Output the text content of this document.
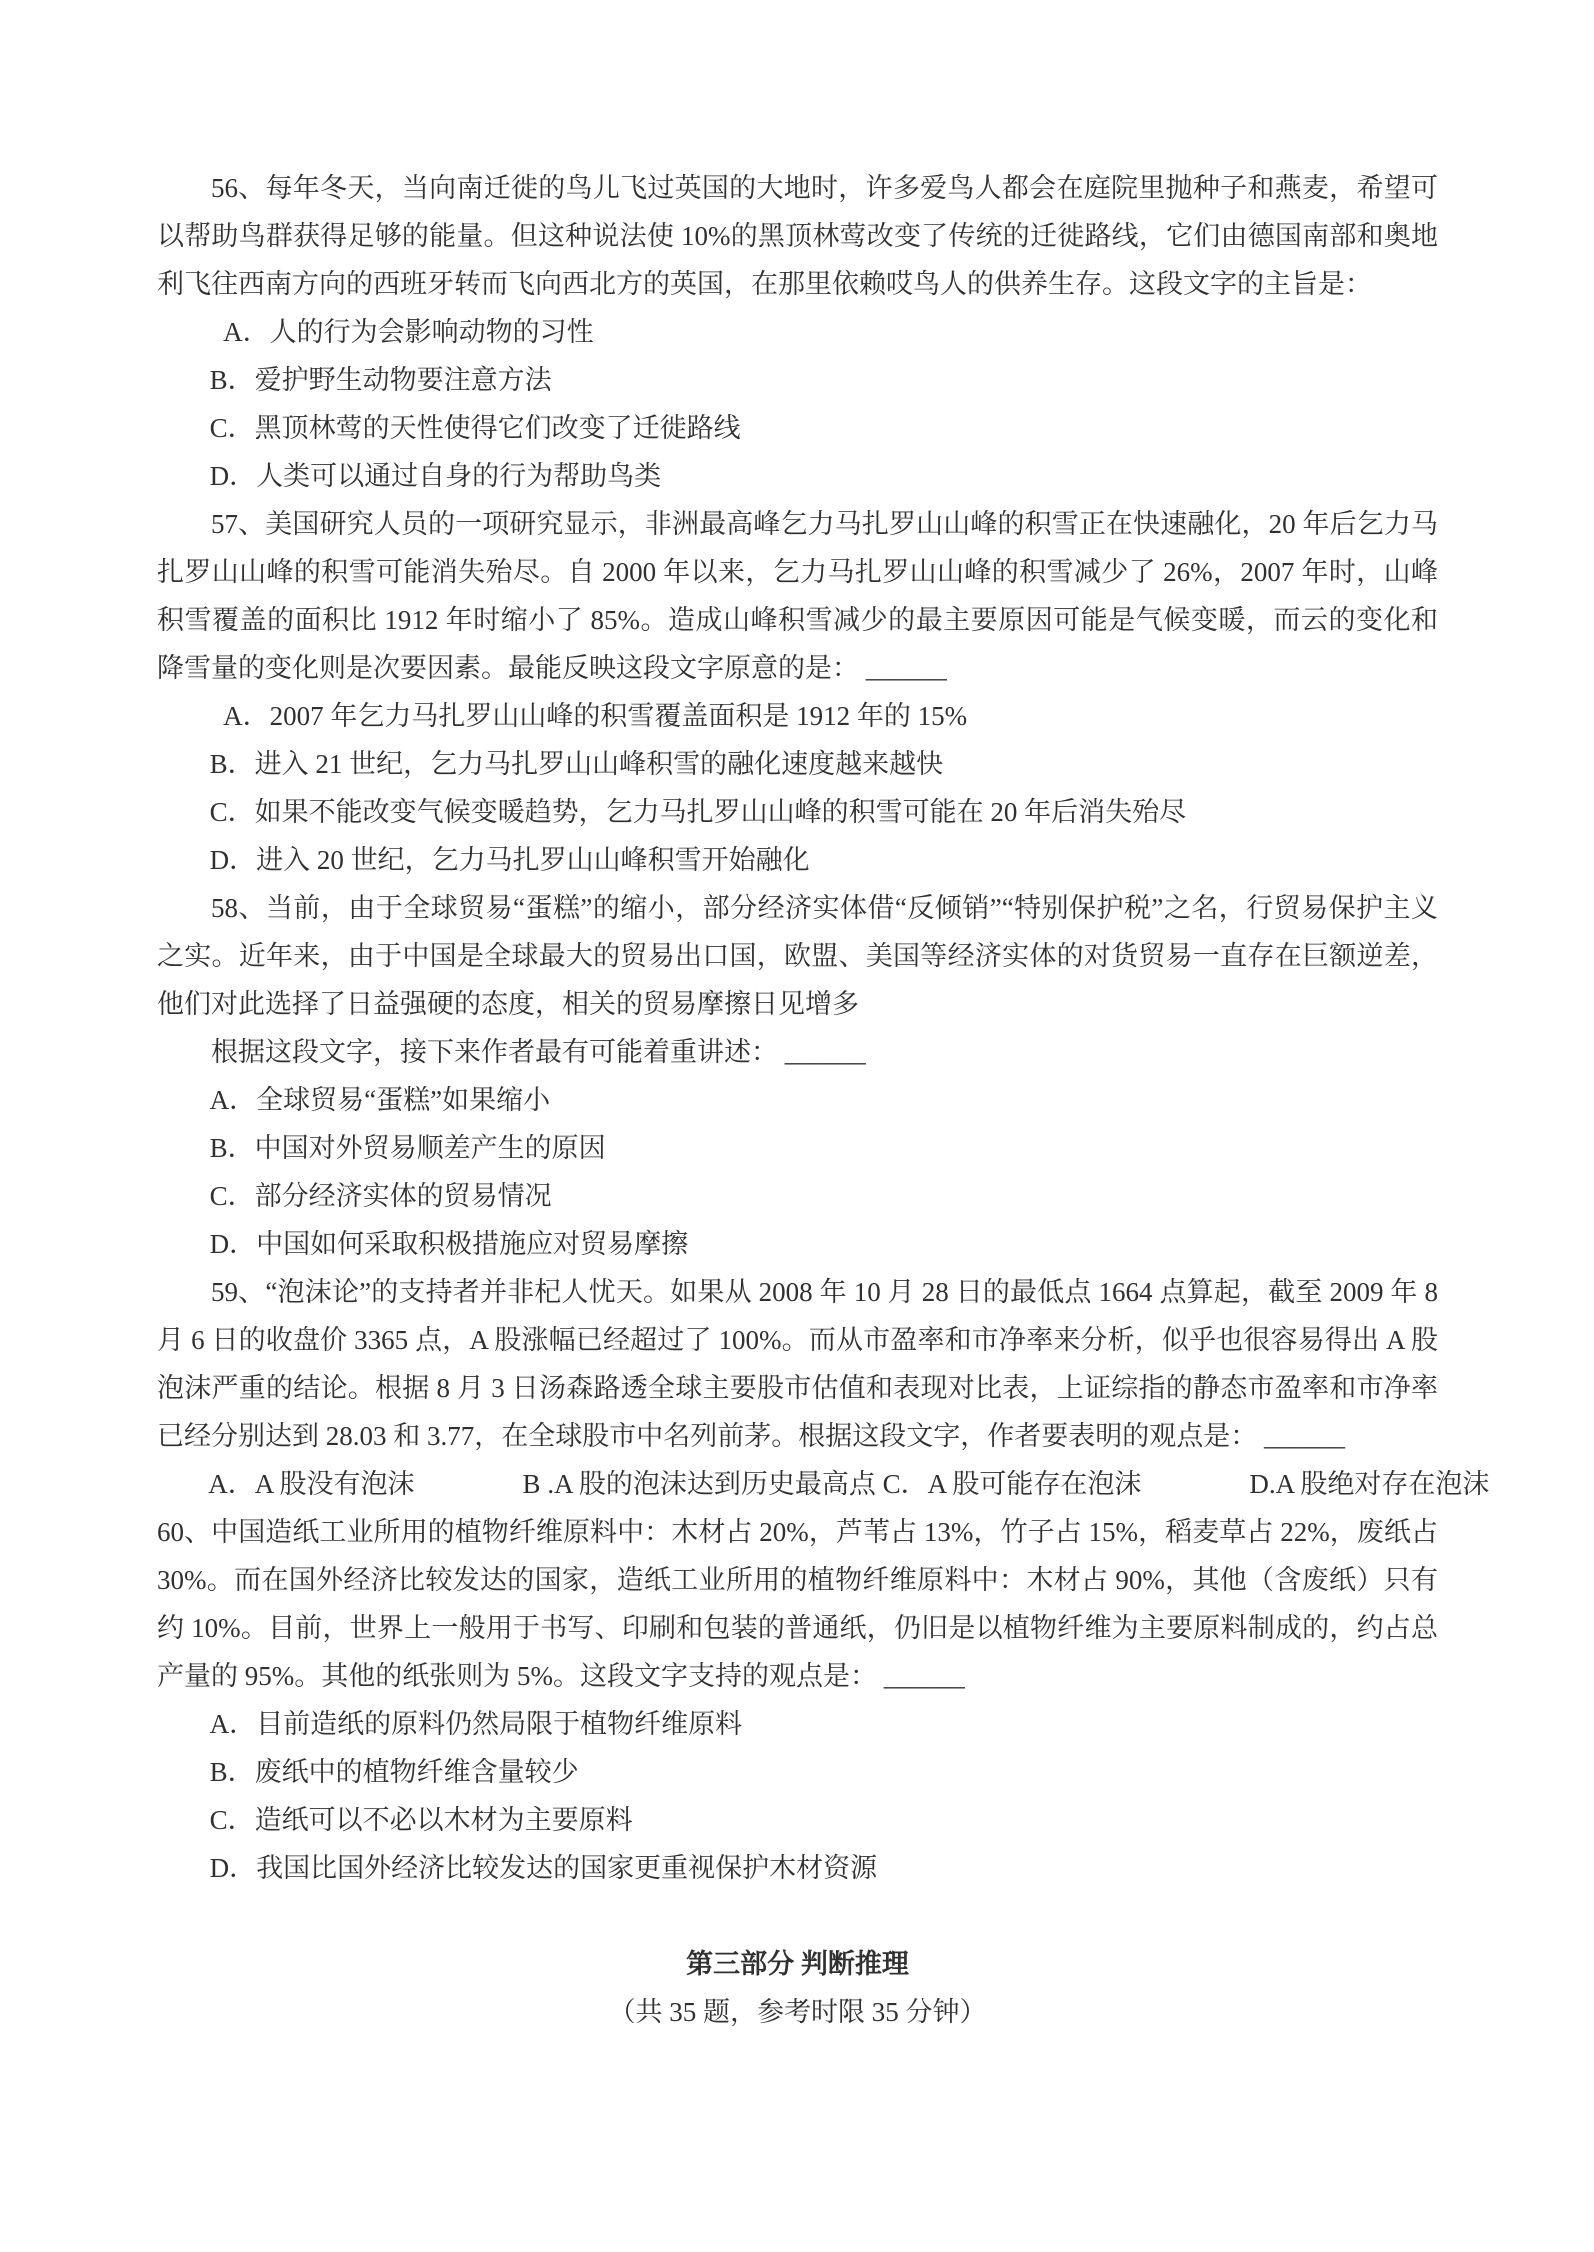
56、每年冬天，当向南迁徙的鸟儿飞过英国的大地时，许多爱鸟人都会在庭院里抛种子和燕麦，希望可以帮助鸟群获得足够的能量。但这种说法使 10%的黑顶林莺改变了传统的迁徙路线，它们由德国南部和奥地利飞往西南方向的西班牙转而飞向西北方的英国，在那里依赖哎鸟人的供养生存。这段文字的主旨是：

A．人的行为会影响动物的习性

B．爱护野生动物要注意方法

C．黑顶林莺的天性使得它们改变了迁徙路线

D．人类可以通过自身的行为帮助鸟类

57、美国研究人员的一项研究显示，非洲最高峰乞力马扎罗山山峰的积雪正在快速融化，20 年后乞力马扎罗山山峰的积雪可能消失殆尽。自 2000 年以来，乞力马扎罗山山峰的积雪减少了 26%，2007 年时，山峰积雪覆盖的面积比 1912 年时缩小了 85%。造成山峰积雪减少的最主要原因可能是气候变暖，而云的变化和降雪量的变化则是次要因素。最能反映这段文字原意的是： ______

A．2007 年乞力马扎罗山山峰的积雪覆盖面积是 1912 年的 15%

B．进入 21 世纪，乞力马扎罗山山峰积雪的融化速度越来越快

C．如果不能改变气候变暖趋势，乞力马扎罗山山峰的积雪可能在 20 年后消失殆尽

D．进入 20 世纪，乞力马扎罗山山峰积雪开始融化

58、当前，由于全球贸易“蛋糕”的缩小，部分经济实体借“反倾销”“特别保护税”之名，行贸易保护主义之实。近年来，由于中国是全球最大的贸易出口国，欧盟、美国等经济实体的对货贸易一直存在巨额逆差，他们对此选择了日益强硬的态度，相关的贸易摩擦日见增多

根据这段文字，接下来作者最有可能着重讲述： ______

A．全球贸易“蛋糕”如果缩小

B．中国对外贸易顺差产生的原因

C．部分经济实体的贸易情况

D．中国如何采取积极措施应对贸易摩擦

59、“泡沫论”的支持者并非杞人忧天。如果从 2008 年 10 月 28 日的最低点 1664 点算起，截至 2009 年 8 月 6 日的收盘价 3365 点，A 股涨幅已经超过了 100%。而从市盈率和市净率来分析，似乎也很容易得出 A 股泡沫严重的结论。根据 8 月 3 日汤森路透全球主要股市估值和表现对比表，上证综指的静态市盈率和市净率已经分别达到 28.03 和 3.77，在全球股市中名列前茅。根据这段文字，作者要表明的观点是： ______

A．A 股没有泡沫　　　　B .A 股的泡沫达到历史最高点 C．A 股可能存在泡沫　　　　D.A 股绝对存在泡沫

60、中国造纸工业所用的植物纤维原料中：木材占 20%，芦苇占 13%，竹子占 15%，稻麦草占 22%，废纸占 30%。而在国外经济比较发达的国家，造纸工业所用的植物纤维原料中：木材占 90%，其他（含废纸）只有约 10%。目前，世界上一般用于书写、印刷和包装的普通纸，仍旧是以植物纤维为主要原料制成的，约占总产量的 95%。其他的纸张则为 5%。这段文字支持的观点是： ______

A．目前造纸的原料仍然局限于植物纤维原料

B．废纸中的植物纤维含量较少

C．造纸可以不必以木材为主要原料

D．我国比国外经济比较发达的国家更重视保护木材资源

第三部分 判断推理

（共 35 题，参考时限 35 分钟）
